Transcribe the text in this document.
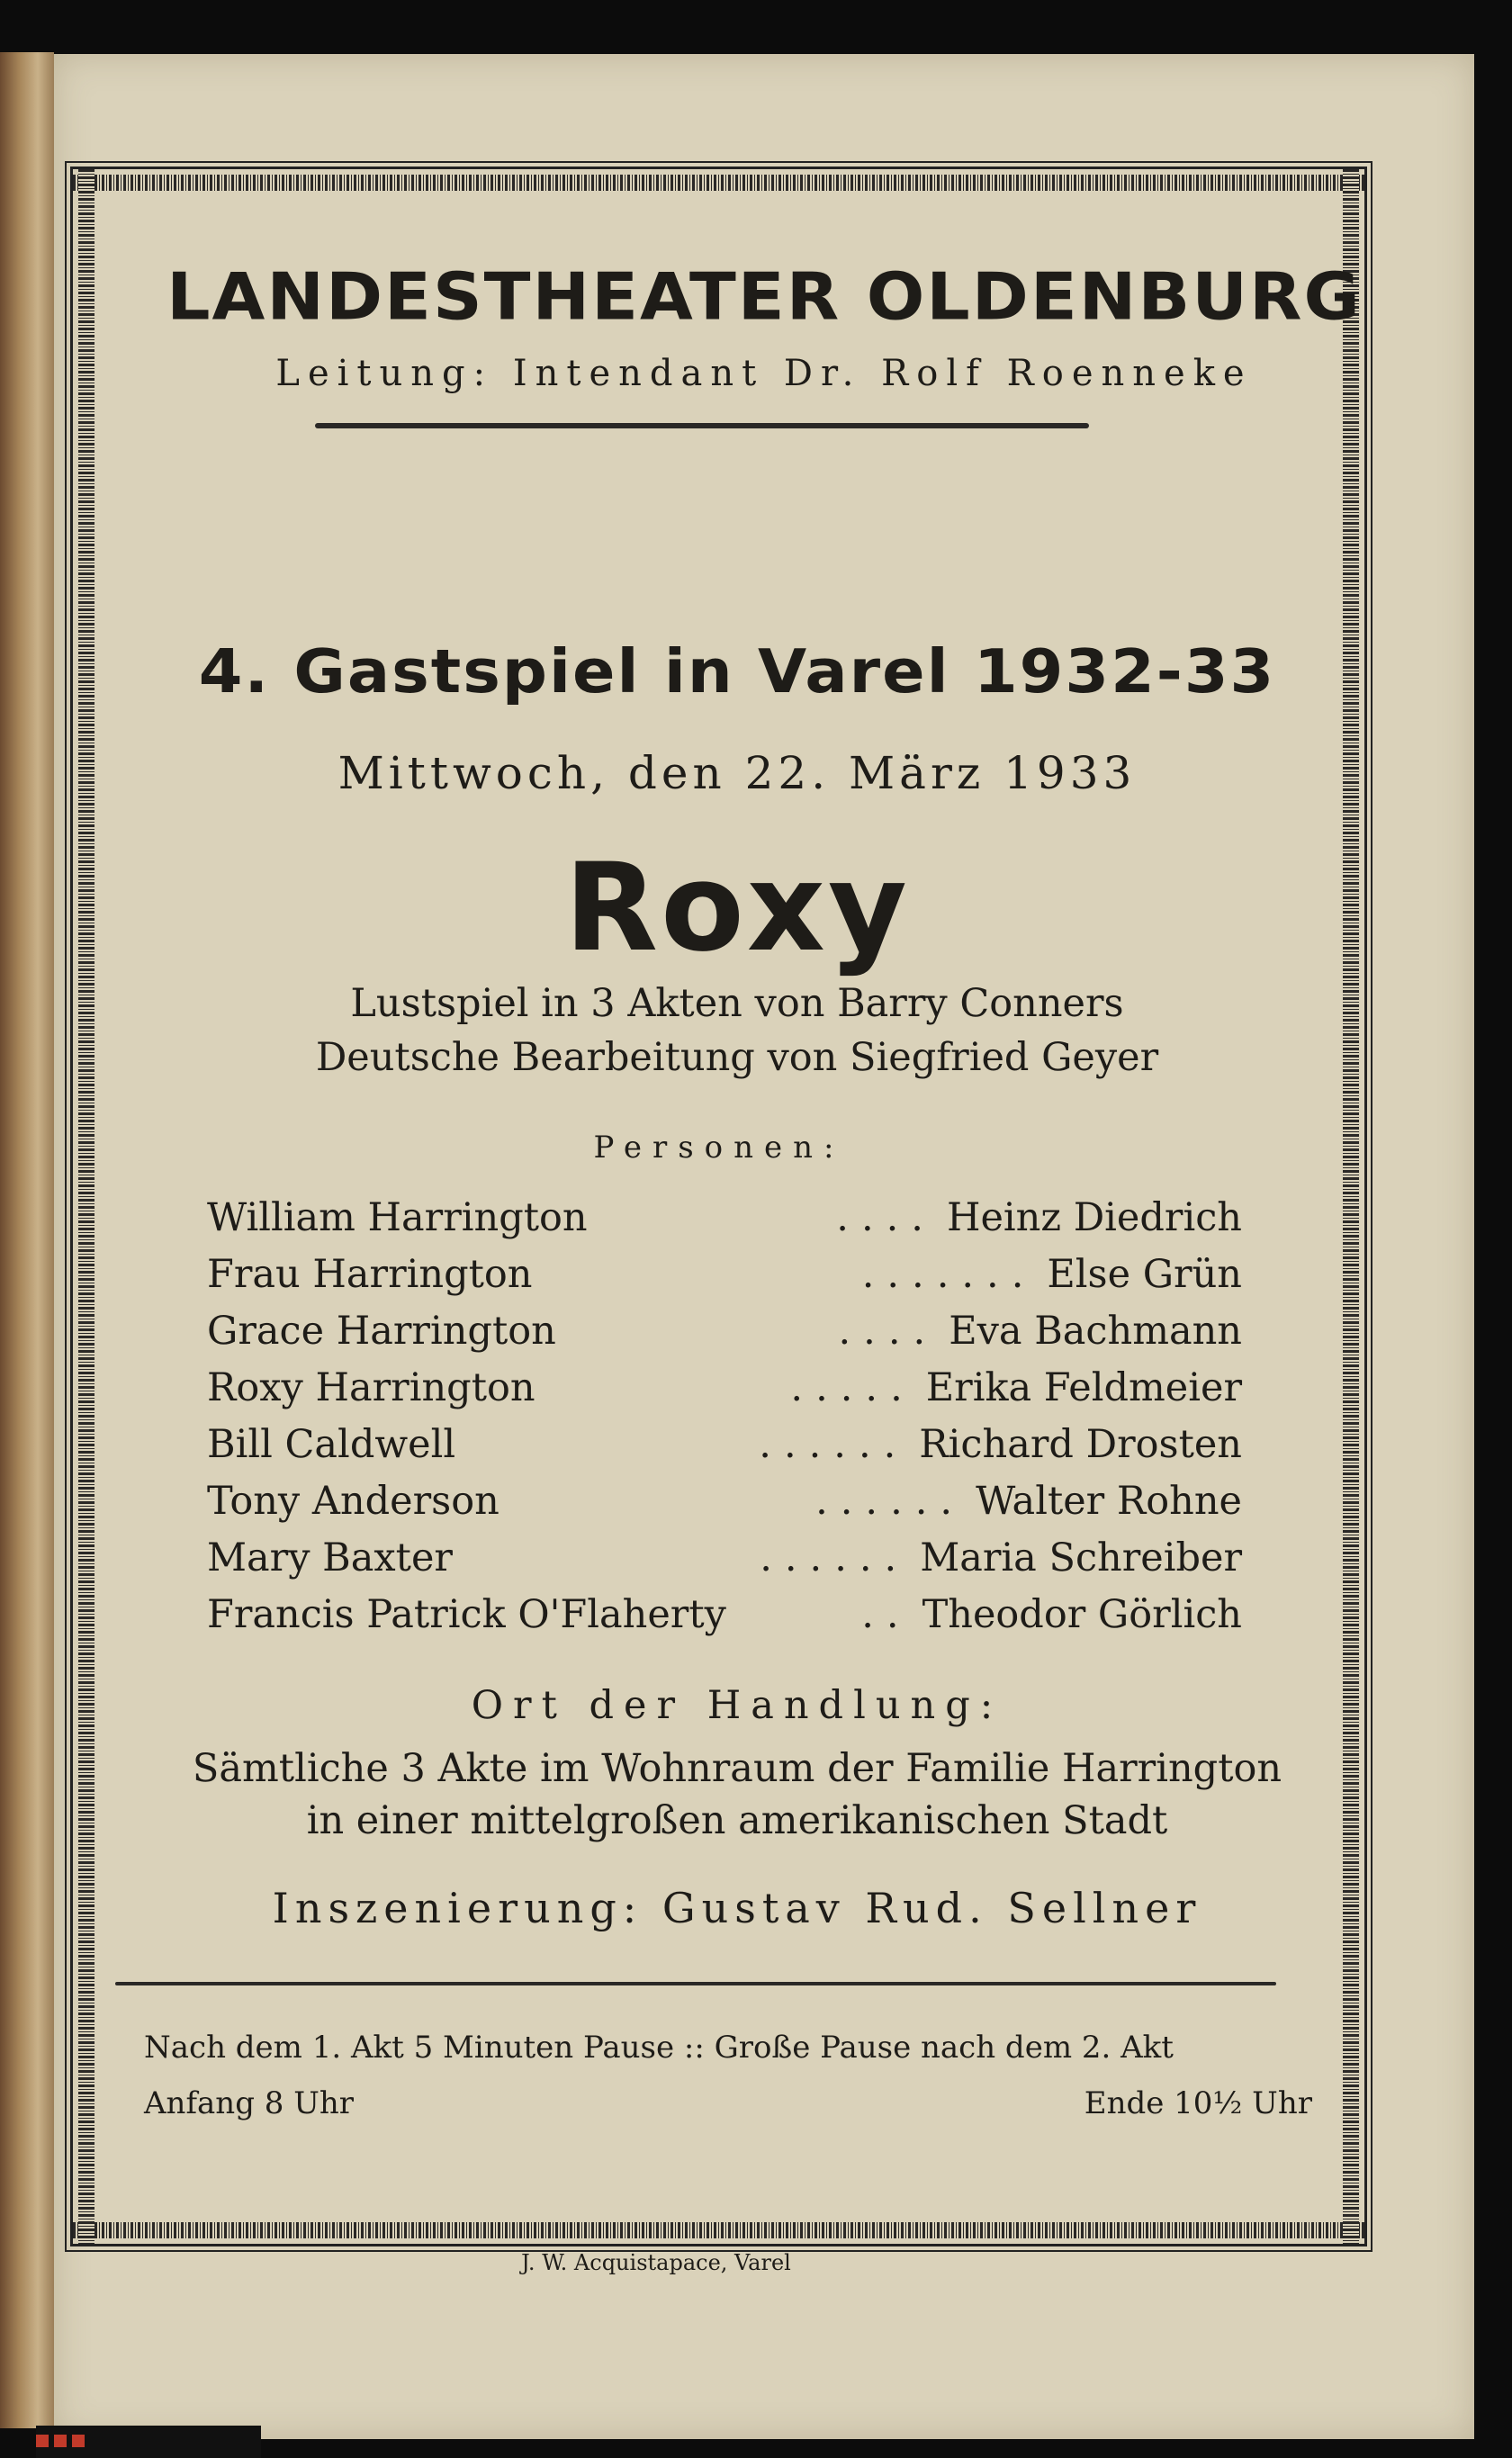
LANDESTHEATER OLDENBURG
Leitung: Intendant Dr. Rolf Roenneke
4. Gastspiel in Varel 1932-33
Mittwoch, den 22. März 1933
Roxy
Lustspiel in 3 Akten von Barry Conners
Deutsche Bearbeitung von Siegfried Geyer
Personen:
William Harrington	.... Heinz Diedrich
Frau Harrington	....... Else Grün
Grace Harrington	.... Eva Bachmann
Roxy Harrington	..... Erika Feldmeier
Bill Caldwell	...... Richard Drosten
Tony Anderson	...... Walter Rohne
Mary Baxter	...... Maria Schreiber
Francis Patrick O'Flaherty	.. Theodor Görlich
Ort der Handlung:
Sämtliche 3 Akte im Wohnraum der Familie Harrington
in einer mittelgroßen amerikanischen Stadt
Inszenierung: Gustav Rud. Sellner
Nach dem 1. Akt 5 Minuten Pause :: Große Pause nach dem 2. Akt
Anfang 8 Uhr	Ende 10½ Uhr
J. W. Acquistapace, Varel
